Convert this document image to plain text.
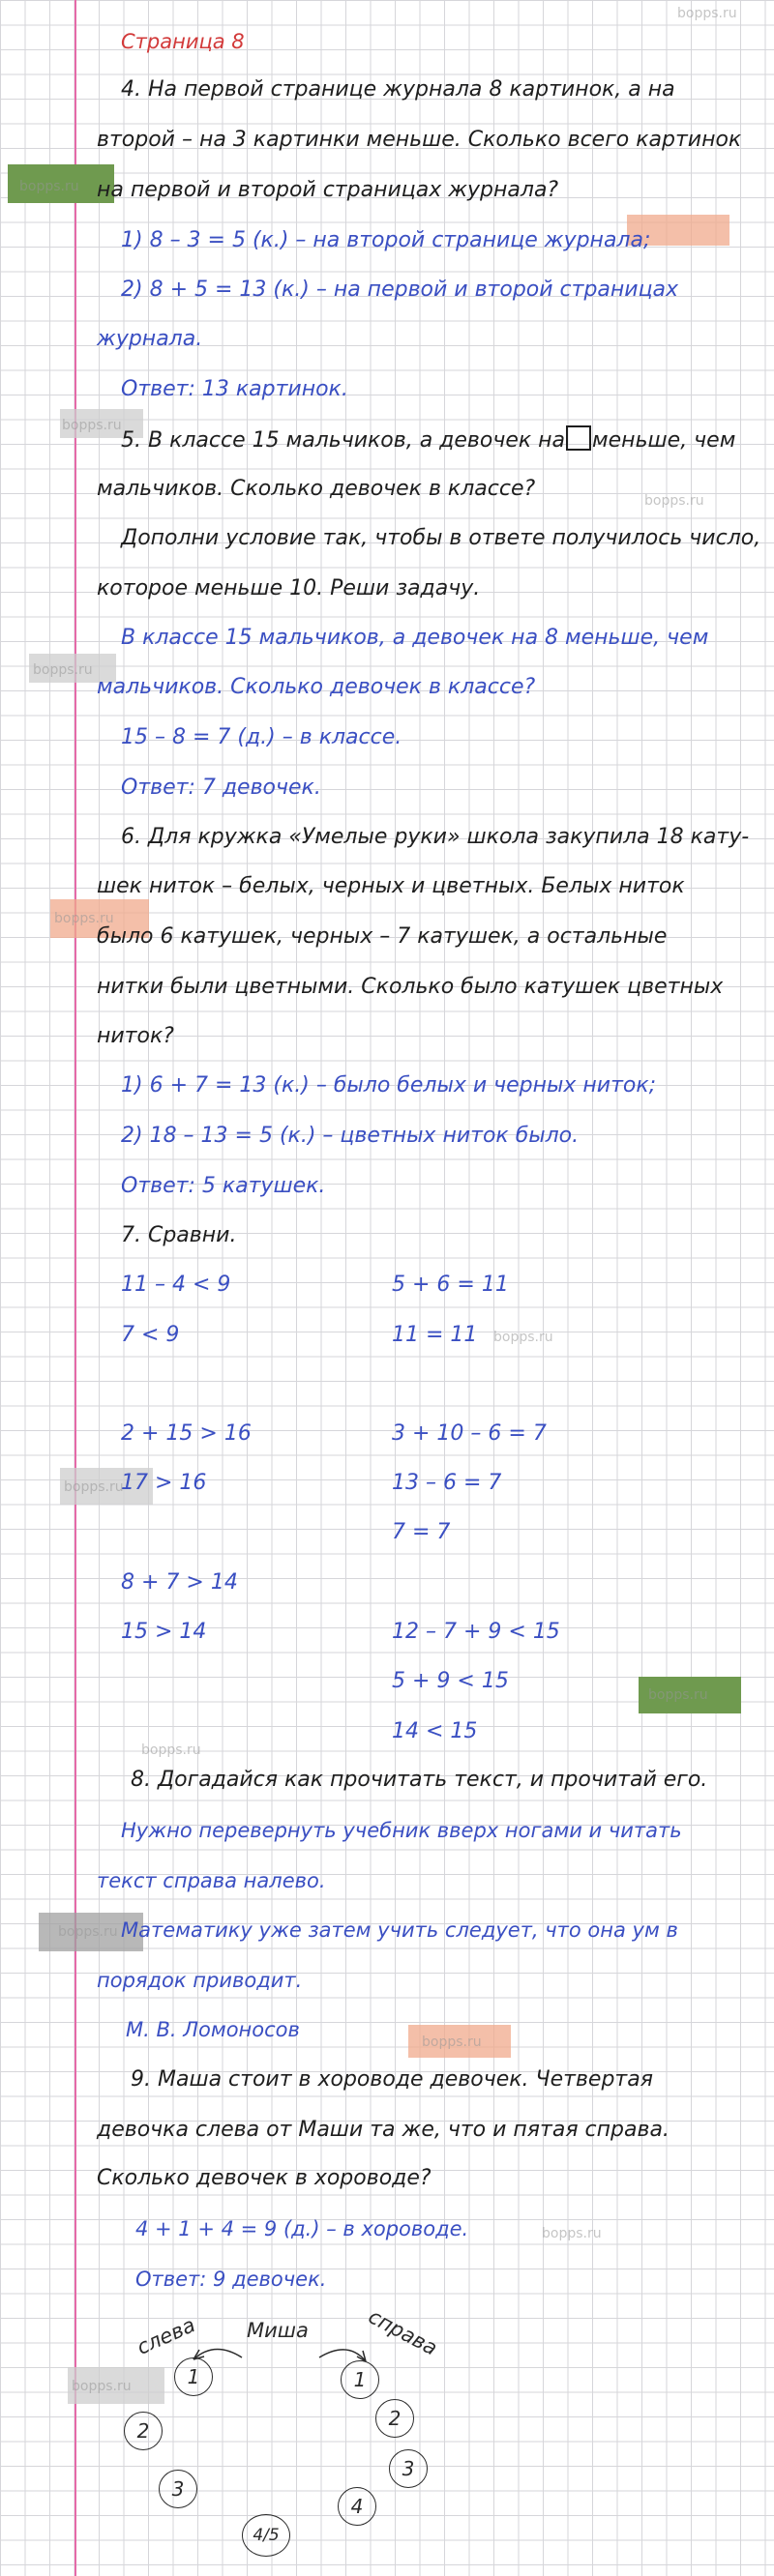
bopps.ru
bopps.ru
bopps.ru
bopps.ru
bopps.ru
bopps.ru
bopps.ru
bopps.ru
bopps.ru
bopps.ru
bopps.ru
bopps.ru
bopps.ru
bopps.ru
Страница 8
4. На первой странице журнала 8 картинок, а на
второй – на 3 картинки меньше. Сколько всего картинок
на первой и второй страницах журнала?
1) 8 – 3 = 5 (к.) – на второй странице журнала;
2) 8 + 5 = 13 (к.) – на первой и второй страницах
журнала.
Ответ: 13 картинок.
5. В классе 15 мальчиков, а девочек на меньше, чем
мальчиков. Сколько девочек в классе?
Дополни условие так, чтобы в ответе получилось число,
которое меньше 10. Реши задачу.
В классе 15 мальчиков, а девочек на 8 меньше, чем
мальчиков. Сколько девочек в классе?
15 – 8 = 7 (д.) – в классе.
Ответ: 7 девочек.
6. Для кружка «Умелые руки» школа закупила 18 кату-
шек ниток – белых, черных и цветных. Белых ниток
было 6 катушек, черных – 7 катушек, а остальные
нитки были цветными. Сколько было катушек цветных
ниток?
1) 6 + 7 = 13 (к.) – было белых и черных ниток;
2) 18 – 13 = 5 (к.) – цветных ниток было.
Ответ: 5 катушек.
7. Сравни.
11 – 4 < 9
7 < 9
2 + 15 > 16
17 > 16
8 + 7 > 14
15 > 14
5 + 6 = 11
11 = 11
3 + 10 – 6 = 7
13 – 6 = 7
7 = 7
12 – 7 + 9 < 15
5 + 9 < 15
14 < 15
8. Догадайся как прочитать текст, и прочитай его.
Нужно перевернуть учебник вверх ногами и читать
текст справа налево.
Математику уже затем учить следует, что она ум в
порядок приводит.
М. В. Ломоносов
9. Маша стоит в хороводе девочек. Четвертая
девочка слева от Маши та же, что и пятая справа.
Сколько девочек в хороводе?
4 + 1 + 4 = 9 (д.) – в хороводе.
Ответ: 9 девочек.
слева Миша	справа
1
2
3
1
2
3
4
4/5
